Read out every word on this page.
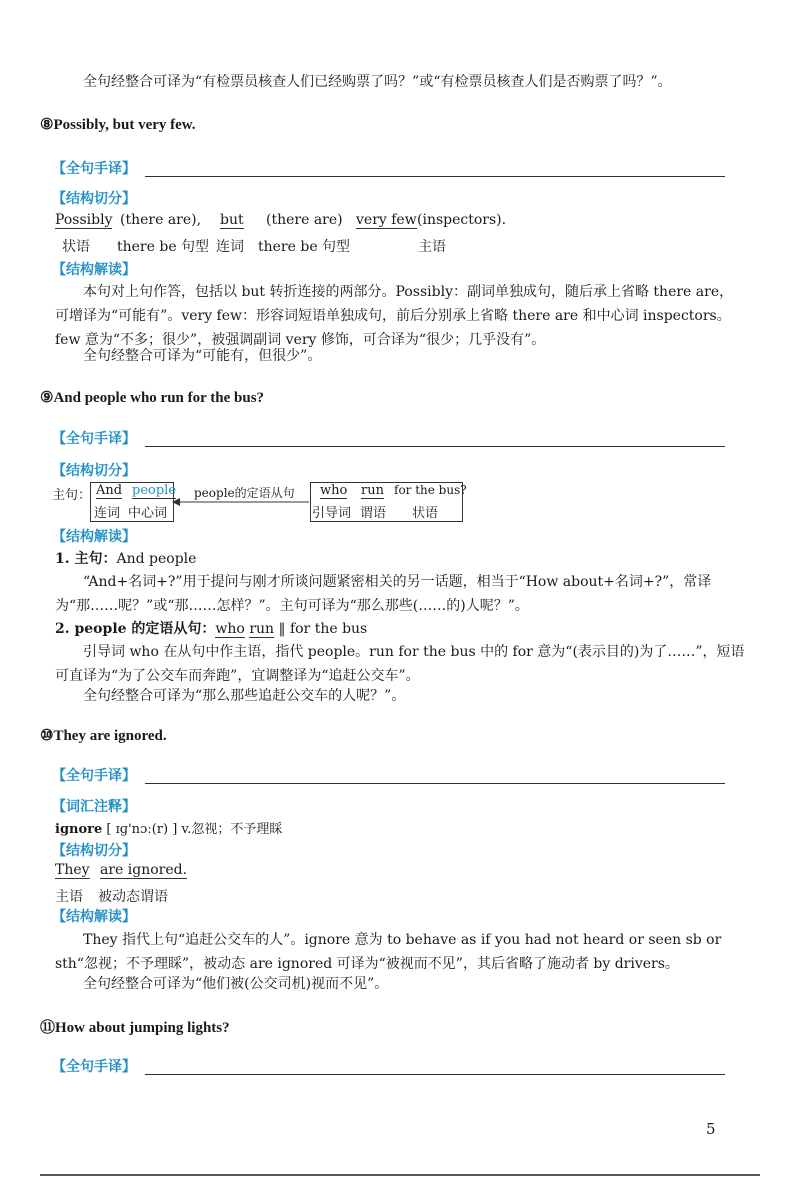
全句经整合可译为“有检票员核查人们已经购票了吗？”或“有检票员核查人们是否购票了吗？”。
⑧Possibly, but very few.
【全句手译】
【结构切分】
Possibly (there are), but (there are) very few (inspectors).
状语 there be 句型 连词 there be 句型	主语
【结构解读】
本句对上句作答，包括以 but 转折连接的两部分。Possibly：副词单独成句，随后承上省略 there are，可增译为“可能有”。very few：形容词短语单独成句，前后分别承上省略 there are 和中心词 inspectors。few 意为“不多；很少”，被强调副词 very 修饰，可合译为“很少；几乎没有”。
全句经整合可译为“可能有，但很少”。
⑨And people who run for the bus?
【全句手译】
【结构切分】
主句： And people
连词 中心词
people的定语从句 who run for the bus?
引导词 谓语 状语
【结构解读】
1. 主句：And people
“And+名词+?”用于提问与刚才所谈问题紧密相关的另一话题，相当于“How about+名词+?”，常译为“那……呢？”或“那……怎样？”。主句可译为“那么那些(……的)人呢？”。
2. people 的定语从句：who run ‖ for the bus
引导词 who 在从句中作主语，指代 people。run for the bus 中的 for 意为“(表示目的)为了……”，短语可直译为“为了公交车而奔跑”，宜调整译为“追赶公交车”。
全句经整合可译为“那么那些追赶公交车的人呢？”。
⑩They are ignored.
【全句手译】
【词汇注释】
ignore [ ɪɡ'nɔː(r) ] v.忽视；不予理睬
【结构切分】
They are ignored.
主语 被动态谓语
【结构解读】
They 指代上句“追赶公交车的人”。ignore 意为 to behave as if you had not heard or seen sb or sth“忽视；不予理睬”，被动态 are ignored 可译为“被视而不见”，其后省略了施动者 by drivers。
全句经整合可译为“他们被(公交司机)视而不见”。
⑪How about jumping lights?
【全句手译】
5
